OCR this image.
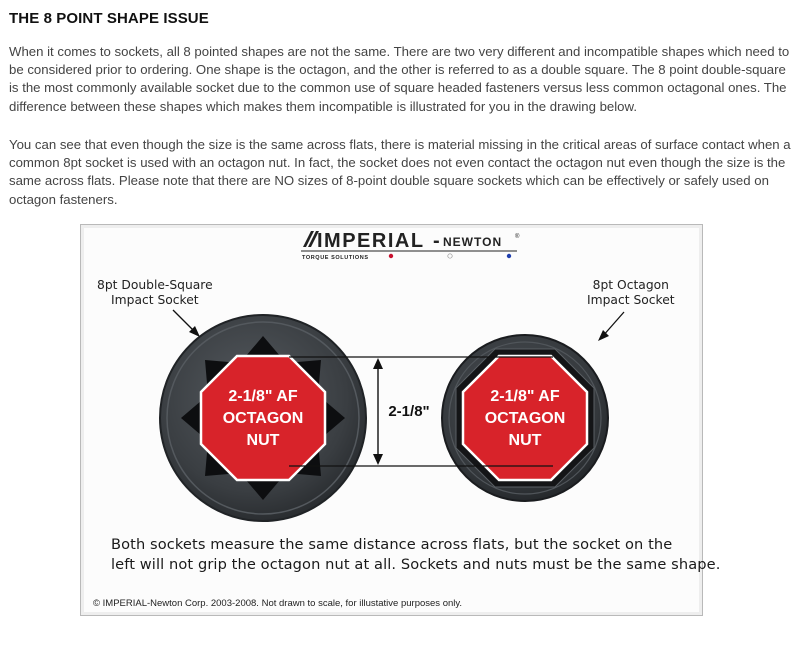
THE 8 POINT SHAPE ISSUE
When it comes to sockets, all 8 pointed shapes are not the same. There are two very different and incompatible shapes which need to be considered prior to ordering. One shape is the octagon, and the other is referred to as a double square. The 8 point double-square is the most commonly available socket due to the common use of square headed fasteners versus less common octagonal ones. The difference between these shapes which makes them incompatible is illustrated for you in the drawing below.
You can see that even though the size is the same across flats, there is material missing in the critical areas of surface contact when a common 8pt socket is used with an octagon nut. In fact, the socket does not even contact the octagon nut even though the size is the same across flats. Please note that there are NO sizes of 8-point double square sockets which can be effectively or safely used on octagon fasteners.
IMPERIAL - NEWTON ®
TORQUE SOLUTIONS
2-1/8" AF
OCTAGON
NUT
2-1/8" AF
OCTAGON
NUT
2-1/8"
8pt Double-Square
Impact Socket
8pt Octagon
Impact Socket
Both sockets measure the same distance across flats, but the socket on the
left will not grip the octagon nut at all. Sockets and nuts must be the same shape.
© IMPERIAL-Newton Corp. 2003-2008. Not drawn to scale, for illustative purposes only.
